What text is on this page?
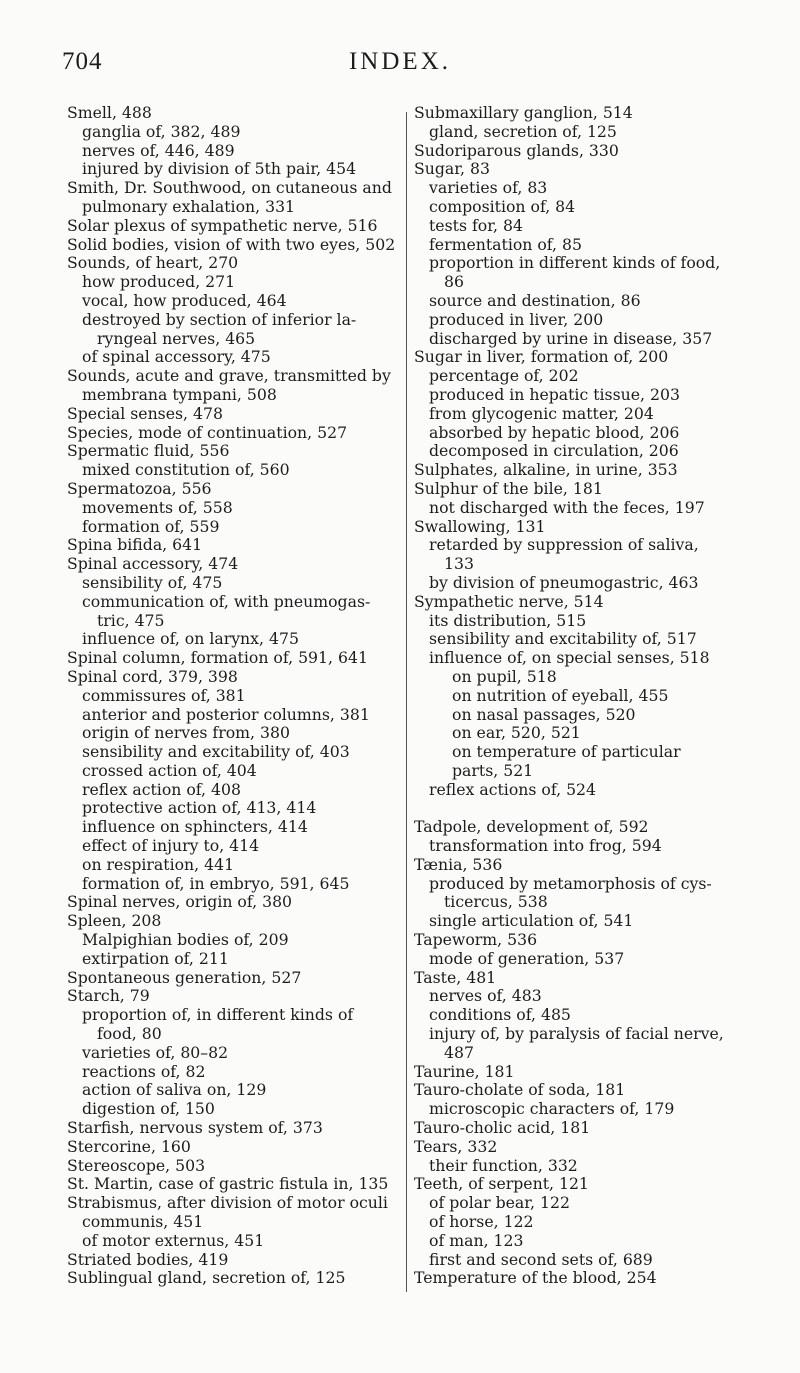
704	INDEX.
Smell, 488
ganglia of, 382, 489
nerves of, 446, 489
injured by division of 5th pair, 454
Smith, Dr. Southwood, on cutaneous and
pulmonary exhalation, 331
Solar plexus of sympathetic nerve, 516
Solid bodies, vision of with two eyes, 502
Sounds, of heart, 270
how produced, 271
vocal, how produced, 464
destroyed by section of inferior la-
ryngeal nerves, 465
of spinal accessory, 475
Sounds, acute and grave, transmitted by
membrana tympani, 508
Special senses, 478
Species, mode of continuation, 527
Spermatic fluid, 556
mixed constitution of, 560
Spermatozoa, 556
movements of, 558
formation of, 559
Spina bifida, 641
Spinal accessory, 474
sensibility of, 475
communication of, with pneumogas-
tric, 475
influence of, on larynx, 475
Spinal column, formation of, 591, 641
Spinal cord, 379, 398
commissures of, 381
anterior and posterior columns, 381
origin of nerves from, 380
sensibility and excitability of, 403
crossed action of, 404
reflex action of, 408
protective action of, 413, 414
influence on sphincters, 414
effect of injury to, 414
on respiration, 441
formation of, in embryo, 591, 645
Spinal nerves, origin of, 380
Spleen, 208
Malpighian bodies of, 209
extirpation of, 211
Spontaneous generation, 527
Starch, 79
proportion of, in different kinds of
food, 80
varieties of, 80–82
reactions of, 82
action of saliva on, 129
digestion of, 150
Starfish, nervous system of, 373
Stercorine, 160
Stereoscope, 503
St. Martin, case of gastric fistula in, 135
Strabismus, after division of motor oculi
communis, 451
of motor externus, 451
Striated bodies, 419
Sublingual gland, secretion of, 125
Submaxillary ganglion, 514
gland, secretion of, 125
Sudoriparous glands, 330
Sugar, 83
varieties of, 83
composition of, 84
tests for, 84
fermentation of, 85
proportion in different kinds of food,
86
source and destination, 86
produced in liver, 200
discharged by urine in disease, 357
Sugar in liver, formation of, 200
percentage of, 202
produced in hepatic tissue, 203
from glycogenic matter, 204
absorbed by hepatic blood, 206
decomposed in circulation, 206
Sulphates, alkaline, in urine, 353
Sulphur of the bile, 181
not discharged with the feces, 197
Swallowing, 131
retarded by suppression of saliva,
133
by division of pneumogastric, 463
Sympathetic nerve, 514
its distribution, 515
sensibility and excitability of, 517
influence of, on special senses, 518
on pupil, 518
on nutrition of eyeball, 455
on nasal passages, 520
on ear, 520, 521
on temperature of particular
parts, 521
reflex actions of, 524
Tadpole, development of, 592
transformation into frog, 594
Tænia, 536
produced by metamorphosis of cys-
ticercus, 538
single articulation of, 541
Tapeworm, 536
mode of generation, 537
Taste, 481
nerves of, 483
conditions of, 485
injury of, by paralysis of facial nerve,
487
Taurine, 181
Tauro-cholate of soda, 181
microscopic characters of, 179
Tauro-cholic acid, 181
Tears, 332
their function, 332
Teeth, of serpent, 121
of polar bear, 122
of horse, 122
of man, 123
first and second sets of, 689
Temperature of the blood, 254
